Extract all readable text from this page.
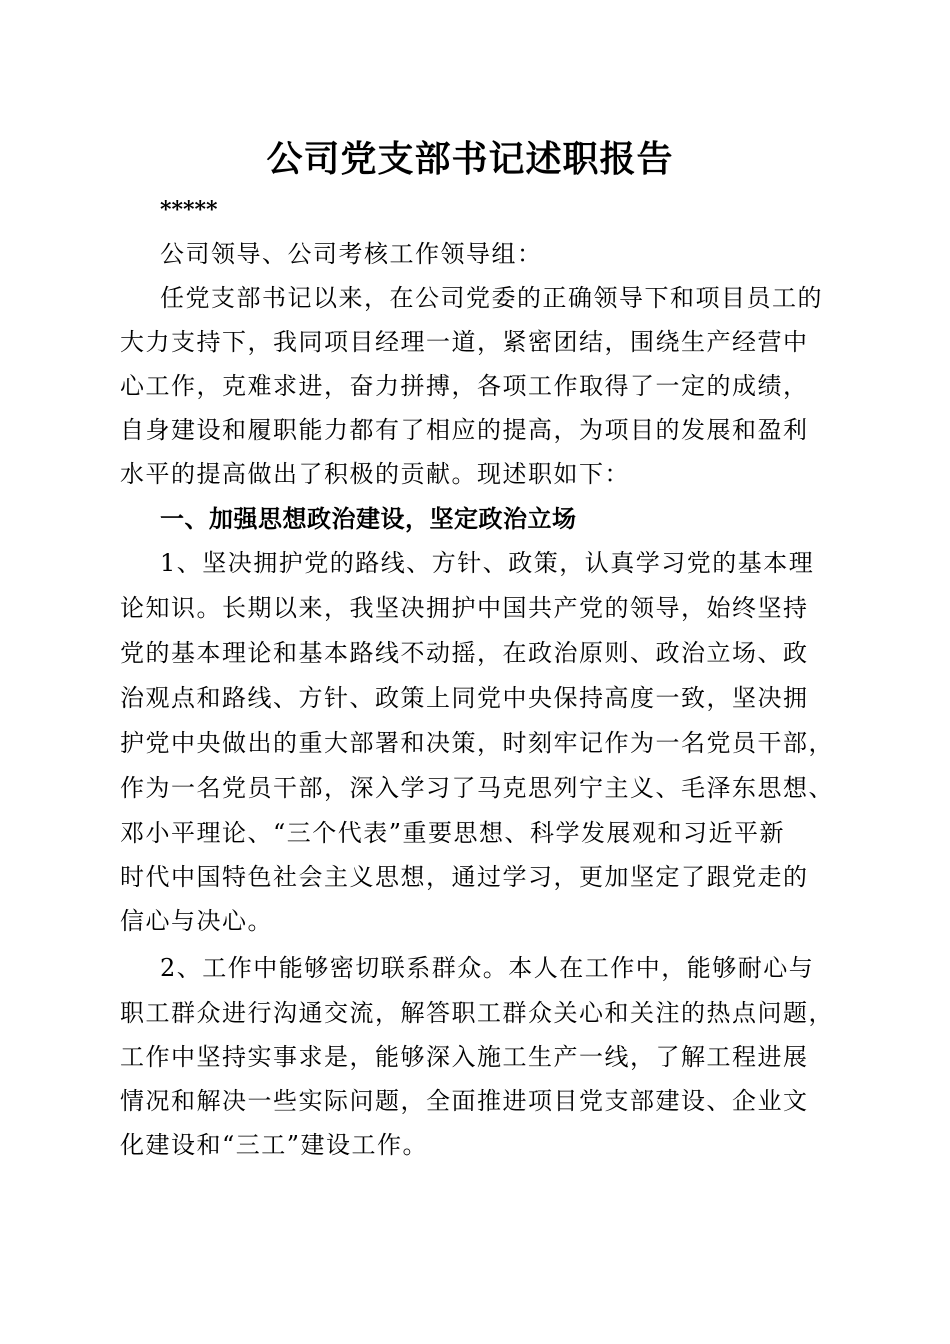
公司党支部书记述职报告
*****
公司领导、公司考核工作领导组：
任党支部书记以来，在公司党委的正确领导下和项目员工的
大力支持下，我同项目经理一道，紧密团结，围绕生产经营中
心工作，克难求进，奋力拼搏，各项工作取得了一定的成绩，
自身建设和履职能力都有了相应的提高，为项目的发展和盈利
水平的提高做出了积极的贡献。现述职如下：
一、加强思想政治建设，坚定政治立场
1、坚决拥护党的路线、方针、政策，认真学习党的基本理
论知识。长期以来，我坚决拥护中国共产党的领导，始终坚持
党的基本理论和基本路线不动摇，在政治原则、政治立场、政
治观点和路线、方针、政策上同党中央保持高度一致，坚决拥
护党中央做出的重大部署和决策，时刻牢记作为一名党员干部，
作为一名党员干部，深入学习了马克思列宁主义、毛泽东思想、
邓小平理论、“三个代表”重要思想、科学发展观和习近平新
时代中国特色社会主义思想，通过学习，更加坚定了跟党走的
信心与决心。
2、工作中能够密切联系群众。本人在工作中，能够耐心与
职工群众进行沟通交流，解答职工群众关心和关注的热点问题，
工作中坚持实事求是，能够深入施工生产一线，了解工程进展
情况和解决一些实际问题，全面推进项目党支部建设、企业文
化建设和“三工”建设工作。
